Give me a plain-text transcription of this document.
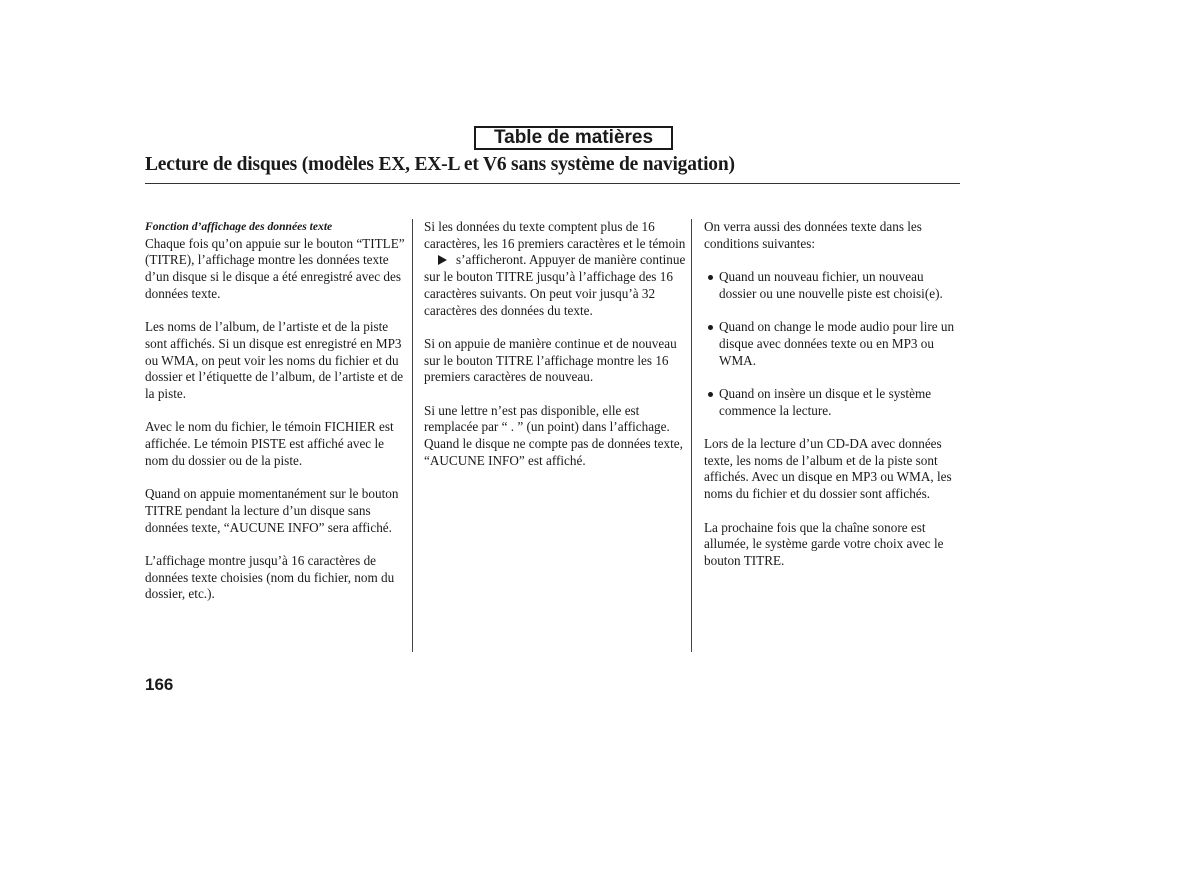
Table de matières
Lecture de disques (modèles EX, EX-L et V6 sans système de navigation)

Fonction d’affichage des données texte
Chaque fois qu’on appuie sur le bouton “TITLE” (TITRE), l’affichage montre les données texte d’un disque si le disque a été enregistré avec des données texte.

Les noms de l’album, de l’artiste et de la piste sont affichés. Si un disque est enregistré en MP3 ou WMA, on peut voir les noms du fichier et du dossier et l’étiquette de l’album, de l’artiste et de la piste.

Avec le nom du fichier, le témoin FICHIER est affichée. Le témoin PISTE est affiché avec le nom du dossier ou de la piste.

Quand on appuie momentanément sur le bouton TITRE pendant la lecture d’un disque sans données texte, “AUCUNE INFO” sera affiché.

L’affichage montre jusqu’à 16 caractères de données texte choisies (nom du fichier, nom du dossier, etc.).

Si les données du texte comptent plus de 16 caractères, les 16 premiers caractères et le témoins’afficheront. Appuyer de manière continue sur le bouton TITRE jusqu’à l’affichage des 16 caractères suivants. On peut voir jusqu’à 32 caractères des données du texte.

Si on appuie de manière continue et de nouveau sur le bouton TITRE l’affichage montre les 16 premiers caractères de nouveau.

Si une lettre n’est pas disponible, elle est remplacée par “ . ” (un point) dans l’affichage. Quand le disque ne compte pas de données texte, “AUCUNE INFO” est affiché.

On verra aussi des données texte dans les conditions suivantes:

Quand un nouveau fichier, un nouveau dossier ou une nouvelle piste est choisi(e).
Quand on change le mode audio pour lire un disque avec données texte ou en MP3 ou WMA.
Quand on insère un disque et le système commence la lecture.

Lors de la lecture d’un CD-DA avec données texte, les noms de l’album et de la piste sont affichés. Avec un disque en MP3 ou WMA, les noms du fichier et du dossier sont affichés.

La prochaine fois que la chaîne sonore est allumée, le système garde votre choix avec le bouton TITRE.

166
